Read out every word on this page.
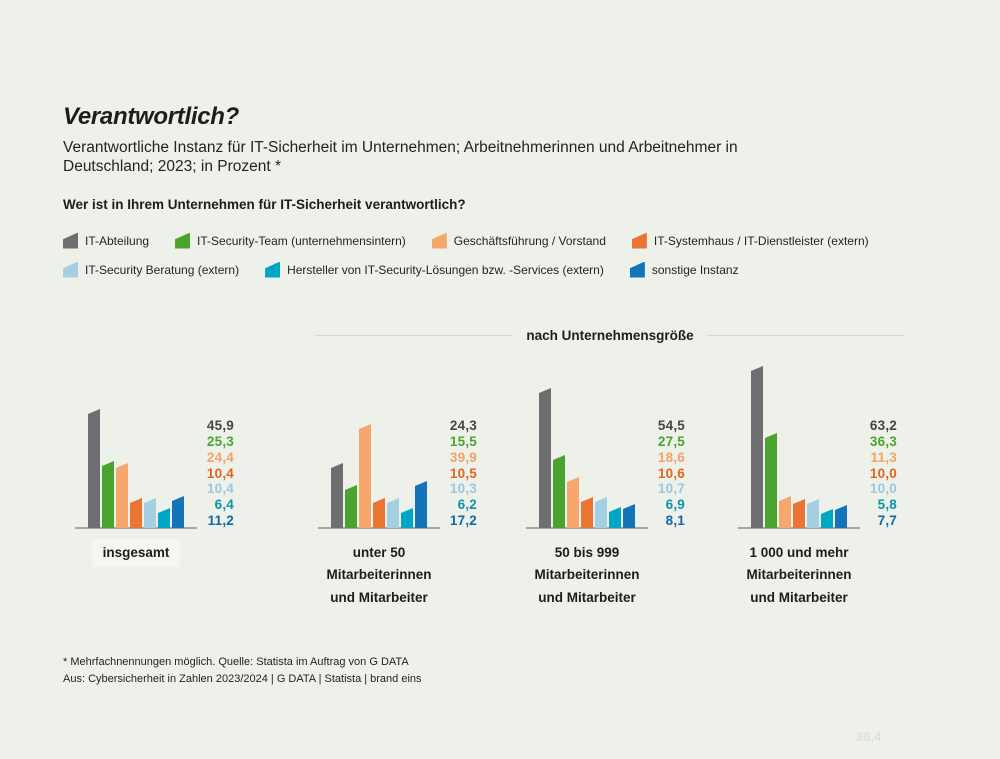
Verantwortlich?
Verantwortliche Instanz für IT-Sicherheit im Unternehmen; Arbeitnehmerinnen und Arbeitnehmer in
Deutschland; 2023; in Prozent *
Wer ist in Ihrem Unternehmen für IT-Sicherheit verantwortlich?
IT-Abteilung	IT-Security-Team (unternehmensintern)	Geschäftsführung / Vorstand	IT-Systemhaus / IT-Dienstleister (extern)
IT-Security Beratung (extern)	Hersteller von IT-Security-Lösungen bzw. -Services (extern)	sonstige Instanz
nach Unternehmensgröße
45,9
25,3
24,4
10,4
10,4
6,4
11,2
insgesamt
24,3
15,5
39,9
10,5
10,3
6,2
17,2
unter 50
Mitarbeiterinnen
und Mitarbeiter
54,5
27,5
18,6
10,6
10,7
6,9
8,1
50 bis 999
Mitarbeiterinnen
und Mitarbeiter
63,2
36,3
11,3
10,0
10,0
5,8
7,7
1 000 und mehr
Mitarbeiterinnen
und Mitarbeiter
* Mehrfachnennungen möglich. Quelle: Statista im Auftrag von G DATA
Aus: Cybersicherheit in Zahlen 2023/2024 | G DATA | Statista | brand eins
36,4
